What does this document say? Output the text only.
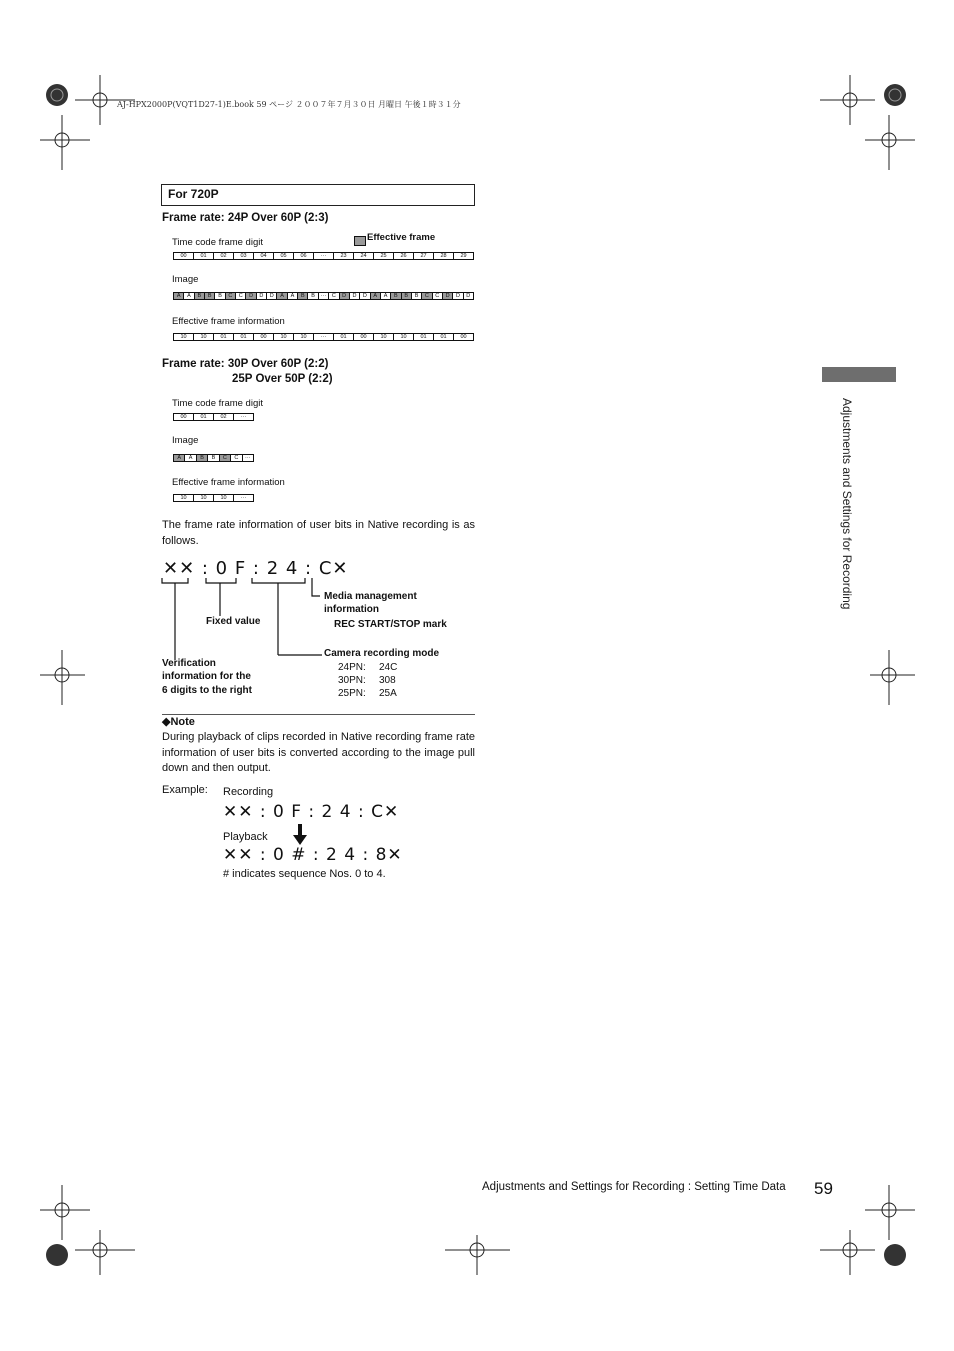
AJ-HPX2000P(VQT1D27-1)E.book 59 ページ ２００７年７月３０日 月曜日 午後１時３１分
For 720P
Frame rate: 24P Over 60P (2:3)
Time code frame digit	Effective frame
00	01	02	03	04	05	06	···	23	24	25	26	27	28	29
Image
A	A	B	B	B	C	C	D	D	D	A	A	B	B	···	C	D	D	D	A	A	B	B	B	C	C	D	D	D
Effective frame information
10	10	01	01	00	10	10	···	01	00	10	10	01	01	00
Frame rate: 30P Over 60P (2:2)
25P Over 50P (2:2)
Time code frame digit
00	01	02	···
Image
A	A	B	B	C	C	···
Effective frame information
10	10	10	···
The frame rate information of user bits in Native recording is as follows.
✕✕ : 0 F : 2 4 : C✕
Media management
information
REC START/STOP mark
Fixed value
Camera recording mode
24PN: 24C
30PN: 308
25PN: 25A
Verification
information for the
6 digits to the right
◆Note
During playback of clips recorded in Native recording frame rate information of user bits is converted according to the image pull down and then output.
Example: Recording
✕✕ : 0 F : 2 4 : C✕
Playback
✕✕ : 0 # : 2 4 : 8✕
# indicates sequence Nos. 0 to 4.
Adjustments and Settings for Recording
Adjustments and Settings for Recording : Setting Time Data 59
